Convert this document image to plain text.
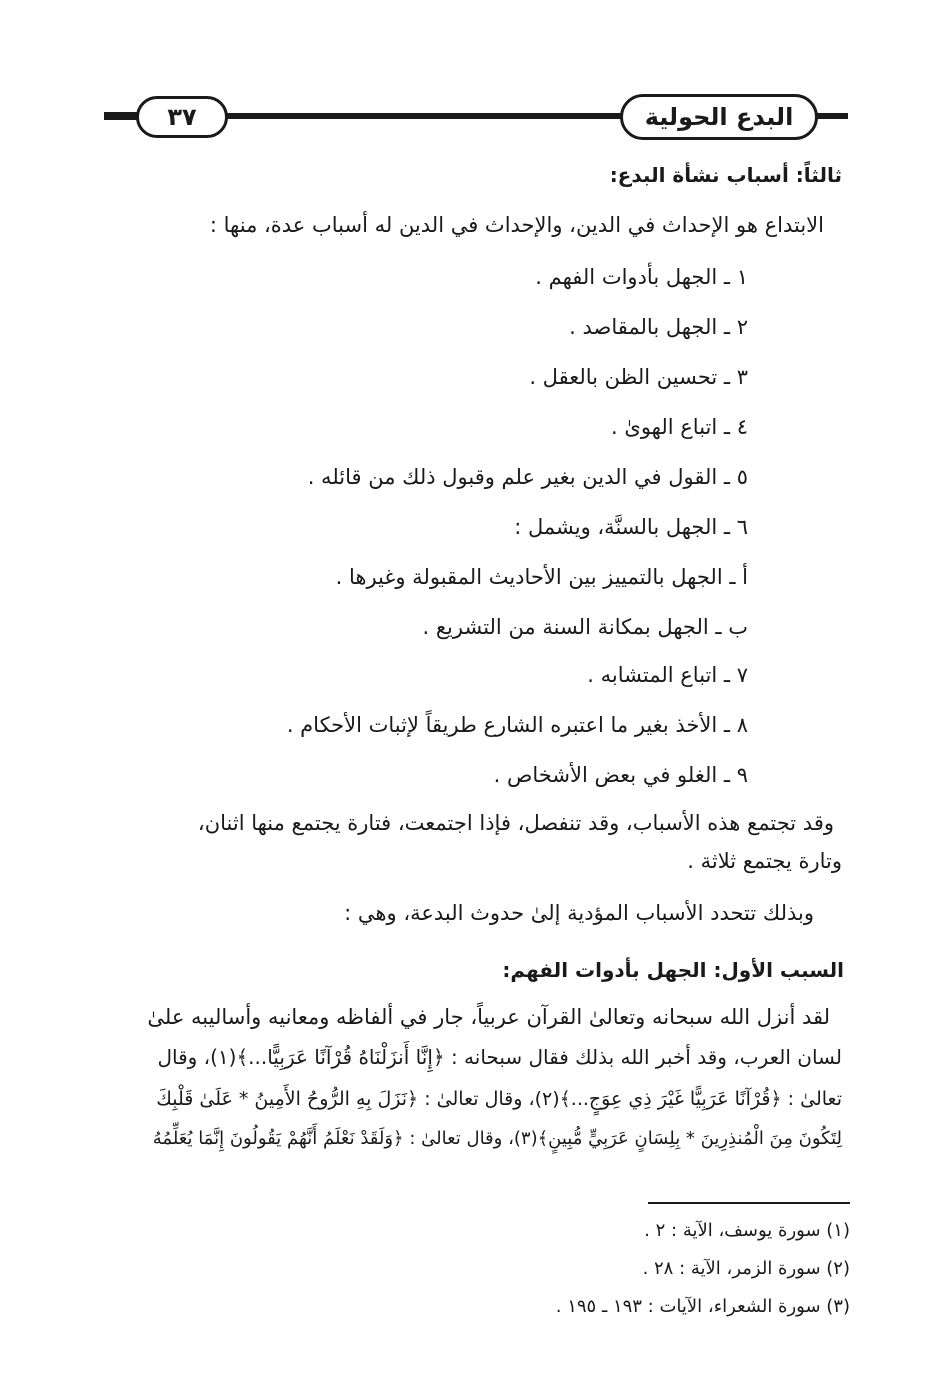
٣٧	البدع الحولية
ثالثاً: أسباب نشأة البدع:
الابتداع هو الإحداث في الدين، والإحداث في الدين له أسباب عدة، منها :
١ ـ الجهل بأدوات الفهم .
٢ ـ الجهل بالمقاصد .
٣ ـ تحسين الظن بالعقل .
٤ ـ اتباع الهوىٰ .
٥ ـ القول في الدين بغير علم وقبول ذلك من قائله .
٦ ـ الجهل بالسنَّة، ويشمل :
أ ـ الجهل بالتمييز بين الأحاديث المقبولة وغيرها .
ب ـ الجهل بمكانة السنة من التشريع .
٧ ـ اتباع المتشابه .
٨ ـ الأخذ بغير ما اعتبره الشارع طريقاً لإثبات الأحكام .
٩ ـ الغلو في بعض الأشخاص .
وقد تجتمع هذه الأسباب، وقد تنفصل، فإذا اجتمعت، فتارة يجتمع منها اثنان،
وتارة يجتمع ثلاثة .
وبذلك تتحدد الأسباب المؤدية إلىٰ حدوث البدعة، وهي :
السبب الأول: الجهل بأدوات الفهم:
لقد أنزل الله سبحانه وتعالىٰ القرآن عربياً، جار في ألفاظه ومعانيه وأساليبه علىٰ
لسان العرب، وقد أخبر الله بذلك فقال سبحانه : ﴿إِنَّا أَنزَلْنَاهُ قُرْآنًا عَرَبِيًّا...﴾(١)، وقال
تعالىٰ : ﴿قُرْآنًا عَرَبِيًّا غَيْرَ ذِي عِوَجٍ...﴾(٢)، وقال تعالىٰ : ﴿نَزَلَ بِهِ الرُّوحُ الأَمِينُ * عَلَىٰ قَلْبِكَ
لِتَكُونَ مِنَ الْمُنذِرِينَ * بِلِسَانٍ عَرَبِيٍّ مُّبِينٍ﴾(٣)، وقال تعالىٰ : ﴿وَلَقَدْ نَعْلَمُ أَنَّهُمْ يَقُولُونَ إِنَّمَا يُعَلِّمُهُ
(١) سورة يوسف، الآية : ٢ .
(٢) سورة الزمر، الآية : ٢٨ .
(٣) سورة الشعراء، الآيات : ١٩٣ ـ ١٩٥ .
